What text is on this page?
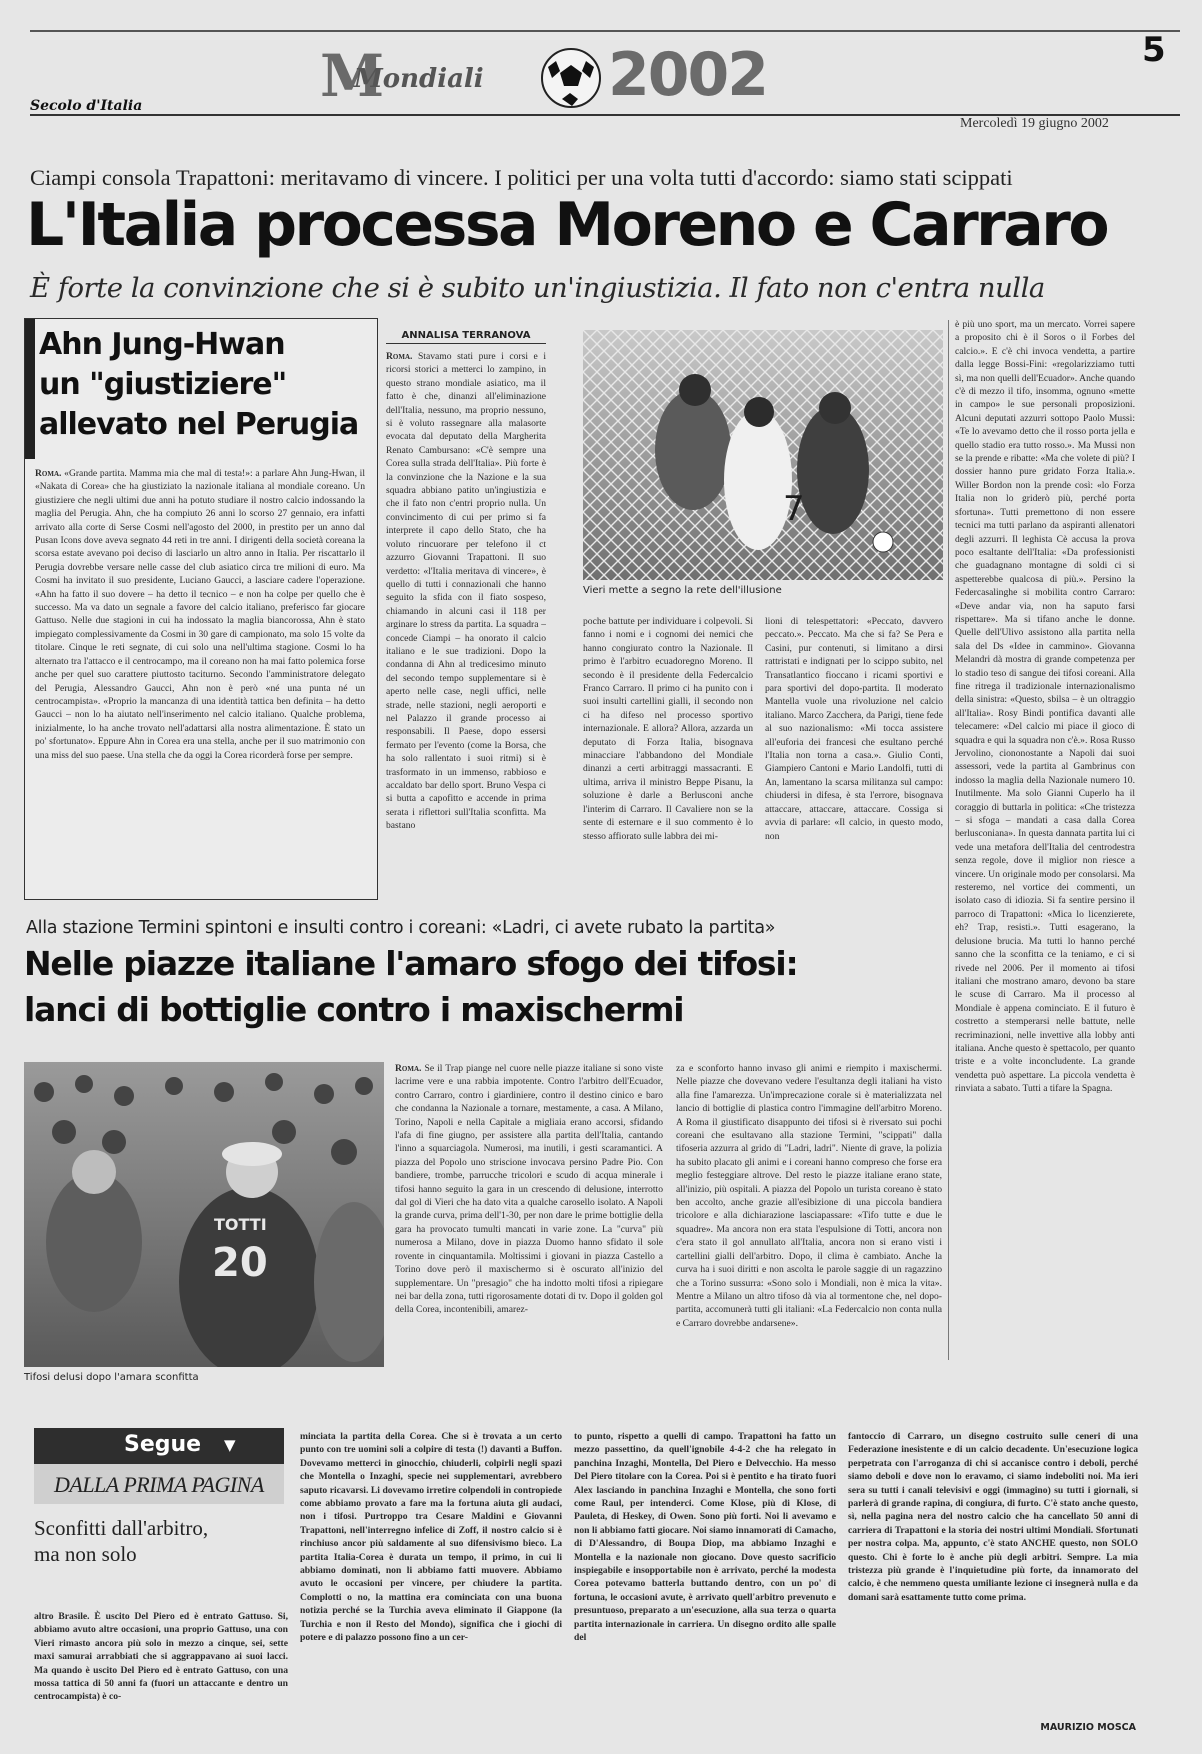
M
Mondiali 2002	5
Secolo d'Italia
Mercoledì 19 giugno 2002
Ciampi consola Trapattoni: meritavamo di vincere. I politici per una volta tutti d'accordo: siamo stati scippati
L'Italia processa Moreno e Carraro
È forte la convinzione che si è subito un'ingiustizia. Il fato non c'entra nulla
Ahn Jung-Hwan
un "giustiziere"
allevato nel Perugia

Roma. «Grande partita. Mamma mia che mal di testa!»: a parlare Ahn Jung-Hwan, il «Nakata di Corea» che ha giustiziato la nazionale italiana al mondiale coreano. Un giustiziere che negli ultimi due anni ha potuto studiare il nostro calcio indossando la maglia del Perugia. Ahn, che ha compiuto 26 anni lo scorso 27 gennaio, era infatti arrivato alla corte di Serse Cosmi nell'agosto del 2000, in prestito per un anno dal Pusan Icons dove aveva segnato 44 reti in tre anni. I dirigenti della società coreana la scorsa estate avevano poi deciso di lasciarlo un altro anno in Italia. Per riscattarlo il Perugia dovrebbe versare nelle casse del club asiatico circa tre milioni di euro. Ma Cosmi ha invitato il suo presidente, Luciano Gaucci, a lasciare cadere l'operazione. «Ahn ha fatto il suo dovere – ha detto il tecnico – e non ha colpe per quello che è successo. Ma va dato un segnale a favore del calcio italiano, preferisco far giocare Gattuso. Nelle due stagioni in cui ha indossato la maglia biancorossa, Ahn è stato impiegato complessivamente da Cosmi in 30 gare di campionato, ma solo 15 volte da titolare. Cinque le reti segnate, di cui solo una nell'ultima stagione. Cosmi lo ha alternato tra l'attacco e il centrocampo, ma il coreano non ha mai fatto polemica forse anche per quel suo carattere piuttosto taciturno. Secondo l'amministratore delegato del Perugia, Alessandro Gaucci, Ahn non è però «né una punta né un centrocampista». «Proprio la mancanza di una identità tattica ben definita – ha detto Gaucci – non lo ha aiutato nell'inserimento nel calcio italiano. Qualche problema, inizialmente, lo ha anche trovato nell'adattarsi alla nostra alimentazione. È stato un po' sfortunato». Eppure Ahn in Corea era una stella, anche per il suo matrimonio con una miss del suo paese. Una stella che da oggi la Corea ricorderà forse per sempre.

ANNALISA TERRANOVA

Roma. Stavamo stati pure i corsi e i ricorsi storici a metterci lo zampino, in questo strano mondiale asiatico, ma il fatto è che, dinanzi all'eliminazione dell'Italia, nessuno, ma proprio nessuno, si è voluto rassegnare alla malasorte evocata dal deputato della Margherita Renato Cambursano: «C'è sempre una Corea sulla strada dell'Italia». Più forte è la convinzione che la Nazione e la sua squadra abbiano patito un'ingiustizia e che il fato non c'entri proprio nulla. Un convincimento di cui per primo si fa interprete il capo dello Stato, che ha voluto rincuorare per telefono il ct azzurro Giovanni Trapattoni. Il suo verdetto: «l'Italia meritava di vincere», è quello di tutti i connazionali che hanno seguito la sfida con il fiato sospeso, chiamando in alcuni casi il 118 per arginare lo stress da partita. La squadra – concede Ciampi – ha onorato il calcio italiano e le sue tradizioni. Dopo la condanna di Ahn al tredicesimo minuto del secondo tempo supplementare si è aperto nelle case, negli uffici, nelle strade, nelle stazioni, negli aeroporti e nel Palazzo il grande processo ai responsabili. Il Paese, dopo essersi fermato per l'evento (come la Borsa, che ha solo rallentato i suoi ritmi) si è trasformato in un immenso, rabbioso e accaldato bar dello sport. Bruno Vespa ci si butta a capofitto e accende in prima serata i riflettori sull'Italia sconfitta. Ma bastano

7
Vieri mette a segno la rete dell'illusione

poche battute per individuare i colpevoli. Si fanno i nomi e i cognomi dei nemici che hanno congiurato contro la Nazionale. Il primo è l'arbitro ecuadoregno Moreno. Il secondo è il presidente della Federcalcio Franco Carraro. Il primo ci ha punito con i suoi insulti cartellini gialli, il secondo non ci ha difeso nel processo sportivo internazionale. E allora? Allora, azzarda un deputato di Forza Italia, bisognava minacciare l'abbandono del Mondiale dinanzi a certi arbitraggi massacranti. E ultima, arriva il ministro Beppe Pisanu, la soluzione è darle a Berlusconi anche l'interim di Carraro. Il Cavaliere non se la sente di esternare e il suo commento è lo stesso affiorato sulle labbra dei mi-

lioni di telespettatori: «Peccato, davvero peccato.». Peccato. Ma che si fa? Se Pera e Casini, pur contenuti, si limitano a dirsi rattristati e indignati per lo scippo subito, nel Transatlantico fioccano i ricami sportivi e para sportivi del dopo-partita. Il moderato Mantella vuole una rivoluzione nel calcio italiano. Marco Zacchera, da Parigi, tiene fede al suo nazionalismo: «Mi tocca assistere all'euforia dei francesi che esultano perché l'Italia non torna a casa.». Giulio Conti, Giampiero Cantoni e Mario Landolfi, tutti di An, lamentano la scarsa militanza sul campo: chiudersi in difesa, è sta l'errore, bisognava attaccare, attaccare, attaccare. Cossiga si avvia di parlare: «Il calcio, in questo modo, non

è più uno sport, ma un mercato. Vorrei sapere a proposito chi è il Soros o il Forbes del calcio.». E c'è chi invoca vendetta, a partire dalla legge Bossi-Fini: «regolarizziamo tutti sì, ma non quelli dell'Ecuador». Anche quando c'è di mezzo il tifo, insomma, ognuno «mette in campo» le sue personali proposizioni. Alcuni deputati azzurri sottopo Paolo Mussi: «Te lo avevamo detto che il rosso porta jella e quello stadio era tutto rosso.». Ma Mussi non se la prende e ribatte: «Ma che volete di più? I dossier hanno pure gridato Forza Italia.». Willer Bordon non la prende così: «lo Forza Italia non lo griderò più, perché porta sfortuna». Tutti premettono di non essere tecnici ma tutti parlano da aspiranti allenatori degli azzurri. Il leghista Cè accusa la prova poco esaltante dell'Italia: «Da professionisti che guadagnano montagne di soldi ci si aspetterebbe qualcosa di più.». Persino la Federcasalinghe si mobilita contro Carraro: «Deve andar via, non ha saputo farsi rispettare». Ma si tifano anche le donne. Quelle dell'Ulivo assistono alla partita nella sala del Ds «Idee in cammino». Giovanna Melandri dà mostra di grande competenza per lo stadio teso di sangue dei tifosi coreani. Alla fine ritrega il tradizionale internazionalismo della sinistra: «Questo, sbilsa – è un oltraggio all'Italia». Rosy Bindi pontifica davanti alle telecamere: «Del calcio mi piace il gioco di squadra e qui la squadra non c'è.». Rosa Russo Jervolino, ciononostante a Napoli dai suoi assessori, vede la partita al Gambrinus con indosso la maglia della Nazionale numero 10. Inutilmente. Ma solo Gianni Cuperlo ha il coraggio di buttarla in politica: «Che tristezza – si sfoga – mandati a casa dalla Corea berlusconiana». In questa dannata partita lui ci vede una metafora dell'Italia del centrodestra senza regole, dove il miglior non riesce a vincere. Un originale modo per consolarsi. Ma resteremo, nel vortice dei commenti, un isolato caso di idiozia. Si fa sentire persino il parroco di Trapattoni: «Mica lo licenzierete, eh? Trap, resisti.». Tutti esagerano, la delusione brucia. Ma tutti lo hanno perché sanno che la sconfitta ce la teniamo, e ci si rivede nel 2006. Per il momento ai tifosi italiani che mostrano amaro, devono ba stare le scuse di Carraro. Ma il processo al Mondiale è appena cominciato. E il futuro è costretto a stemperarsi nelle battute, nelle recriminazioni, nelle invettive alla lobby anti italiana. Anche questo è spettacolo, per quanto triste e a volte inconcludente. La grande vendetta può aspettare. La piccola vendetta è rinviata a sabato. Tutti a tifare la Spagna.

Alla stazione Termini spintoni e insulti contro i coreani: «Ladri, ci avete rubato la partita»
Nelle piazze italiane l'amaro sfogo dei tifosi:
lanci di bottiglie contro i maxischermi
TOTTI
20
Tifosi delusi dopo l'amara sconfitta

Roma. Se il Trap piange nel cuore nelle piazze italiane si sono viste lacrime vere e una rabbia impotente. Contro l'arbitro dell'Ecuador, contro Carraro, contro i giardiniere, contro il destino cinico e baro che condanna la Nazionale a tornare, mestamente, a casa. A Milano, Torino, Napoli e nella Capitale a migliaia erano accorsi, sfidando l'afa di fine giugno, per assistere alla partita dell'Italia, cantando l'inno a squarciagola. Numerosi, ma inutili, i gesti scaramantici. A piazza del Popolo uno striscione invocava persino Padre Pio. Con bandiere, trombe, parrucche tricolori e scudo di acqua minerale i tifosi hanno seguito la gara in un crescendo di delusione, interrotto dal gol di Vieri che ha dato vita a qualche carosello isolato. A Napoli la grande curva, prima dell'1-30, per non dare le prime bottiglie della gara ha provocato tumulti mancati in varie zone. La "curva" più numerosa a Milano, dove in piazza Duomo hanno sfidato il sole rovente in cinquantamila. Moltissimi i giovani in piazza Castello a Torino dove però il maxischermo si è oscurato all'inizio del supplementare. Un "presagio" che ha indotto molti tifosi a ripiegare nei bar della zona, tutti rigorosamente dotati di tv. Dopo il golden gol della Corea, incontenibili, amarez-

za e sconforto hanno invaso gli animi e riempito i maxischermi. Nelle piazze che dovevano vedere l'esultanza degli italiani ha visto alla fine l'amarezza. Un'imprecazione corale si è materializzata nel lancio di bottiglie di plastica contro l'immagine dell'arbitro Moreno. A Roma il giustificato disappunto dei tifosi si è riversato sui pochi coreani che esultavano alla stazione Termini, "scippati" dalla tifoseria azzurra al grido di "Ladri, ladri". Niente di grave, la polizia ha subito placato gli animi e i coreani hanno compreso che forse era meglio festeggiare altrove. Del resto le piazze italiane erano state, all'inizio, più ospitali. A piazza del Popolo un turista coreano è stato ben accolto, anche grazie all'esibizione di una piccola bandiera tricolore e alla dichiarazione lasciapassare: «Tifo tutte e due le squadre». Ma ancora non era stata l'espulsione di Totti, ancora non c'era stato il gol annullato all'Italia, ancora non si erano visti i cartellini gialli dell'arbitro. Dopo, il clima è cambiato. Anche la curva ha i suoi diritti e non ascolta le parole saggie di un ragazzino che a Torino sussurra: «Sono solo i Mondiali, non è mica la vita». Mentre a Milano un altro tifoso dà via al tormentone che, nel dopo-partita, accomunerà tutti gli italiani: «La Federcalcio non conta nulla e Carraro dovrebbe andarsene».

Segue ▼
DALLA PRIMA PAGINA
Sconfitti dall'arbitro,
ma non solo

altro Brasile. È uscito Del Piero ed è entrato Gattuso. Si, abbiamo avuto altre occasioni, una proprio Gattuso, una con Vieri rimasto ancora più solo in mezzo a cinque, sei, sette maxi samurai arrabbiati che si aggrappavano ai suoi lacci. Ma quando è uscito Del Piero ed è entrato Gattuso, con una mossa tattica di 50 anni fa (fuori un attaccante e dentro un centrocampista) è co-

minciata la partita della Corea. Che si è trovata a un certo punto con tre uomini soli a colpire di testa (!) davanti a Buffon. Dovevamo metterci in ginocchio, chiuderli, colpirli negli spazi che Montella o Inzaghi, specie nei supplementari, avrebbero saputo ricavarsi. Li dovevamo irretire colpendoli in contropiede come abbiamo provato a fare ma la fortuna aiuta gli audaci, non i tifosi. Purtroppo tra Cesare Maldini e Giovanni Trapattoni, nell'interregno infelice di Zoff, il nostro calcio si è rinchiuso ancor più saldamente al suo difensivismo bieco. La partita Italia-Corea è durata un tempo, il primo, in cui li abbiamo dominati, non li abbiamo fatti muovere. Abbiamo avuto le occasioni per vincere, per chiudere la partita. Complotti o no, la mattina era cominciata con una buona notizia perché se la Turchia aveva eliminato il Giappone (la Turchia e non il Resto del Mondo), significa che i giochi di potere e di palazzo possono fino a un cer-

to punto, rispetto a quelli di campo. Trapattoni ha fatto un mezzo passettino, da quell'ignobile 4-4-2 che ha relegato in panchina Inzaghi, Montella, Del Piero e Delvecchio. Ha messo Del Piero titolare con la Corea. Poi si è pentito e ha tirato fuori Alex lasciando in panchina Inzaghi e Montella, che sono forti come Raul, per intenderci. Come Klose, più di Klose, di Pauleta, di Heskey, di Owen. Sono più forti. Noi li avevamo e non li abbiamo fatti giocare. Noi siamo innamorati di Camacho, di D'Alessandro, di Boupa Diop, ma abbiamo Inzaghi e Montella e la nazionale non giocano. Dove questo sacrificio inspiegabile e insopportabile non è arrivato, perché la modesta Corea potevamo batterla buttando dentro, con un po' di fortuna, le occasioni avute, è arrivato quell'arbitro prevenuto e presuntuoso, preparato a un'esecuzione, alla sua terza o quarta partita internazionale in carriera. Un disegno ordito alle spalle del

fantoccio di Carraro, un disegno costruito sulle ceneri di una Federazione inesistente e di un calcio decadente. Un'esecuzione logica perpetrata con l'arroganza di chi si accanisce contro i deboli, perché siamo deboli e dove non lo eravamo, ci siamo indeboliti noi. Ma ieri sera su tutti i canali televisivi e oggi (immagino) su tutti i giornali, si parlerà di grande rapina, di congiura, di furto. C'è stato anche questo, sì, nella pagina nera del nostro calcio che ha cancellato 50 anni di carriera di Trapattoni e la storia dei nostri ultimi Mondiali. Sfortunati per nostra colpa. Ma, appunto, c'è stato ANCHE questo, non SOLO questo. Chi è forte lo è anche più degli arbitri. Sempre. La mia tristezza più grande è l'inquietudine più forte, da innamorato del calcio, è che nemmeno questa umiliante lezione ci insegnerà nulla e da domani sarà esattamente tutto come prima.

MAURIZIO MOSCA
